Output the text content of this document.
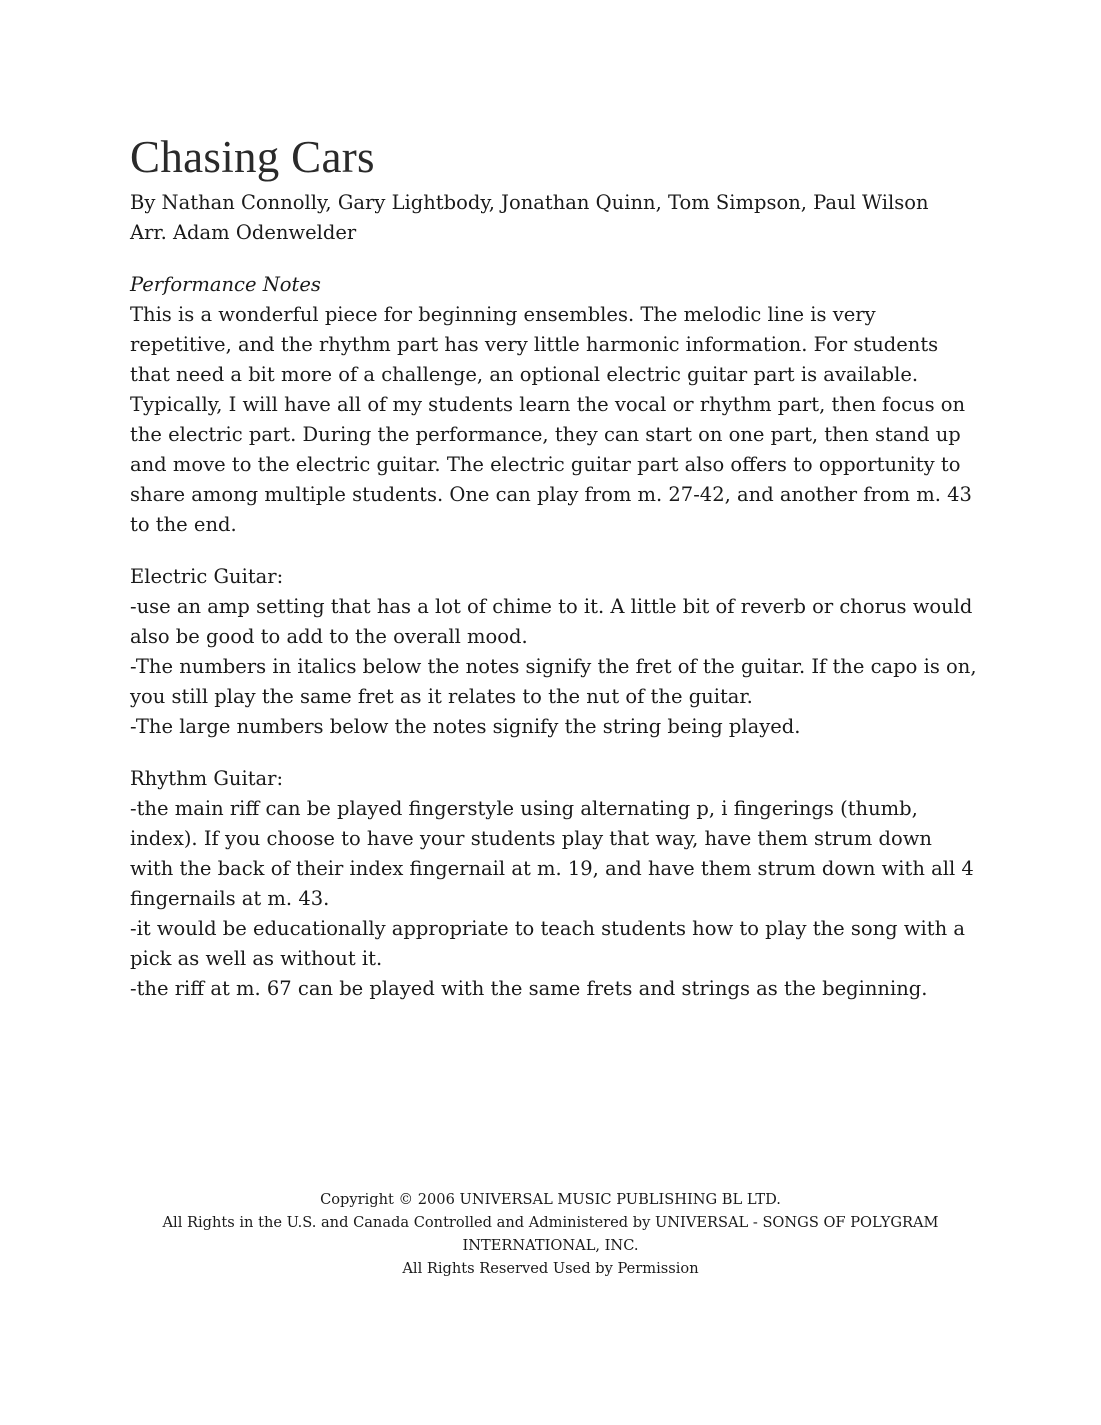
Chasing Cars
By Nathan Connolly, Gary Lightbody, Jonathan Quinn, Tom Simpson, Paul Wilson
Arr. Adam Odenwelder
Performance Notes

This is a wonderful piece for beginning ensembles. The melodic line is very repetitive, and the rhythm part has very little harmonic information. For students that need a bit more of a challenge, an optional electric guitar part is available. Typically, I will have all of my students learn the vocal or rhythm part, then focus on the electric part. During the performance, they can start on one part, then stand up and move to the electric guitar. The electric guitar part also offers to opportunity to share among multiple students. One can play from m. 27-42, and another from m. 43 to the end.

Electric Guitar:

-use an amp setting that has a lot of chime to it. A little bit of reverb or chorus would also be good to add to the overall mood.

-The numbers in italics below the notes signify the fret of the guitar. If the capo is on, you still play the same fret as it relates to the nut of the guitar.

-The large numbers below the notes signify the string being played.

Rhythm Guitar:

-the main riff can be played fingerstyle using alternating p, i fingerings (thumb, index). If you choose to have your students play that way, have them strum down with the back of their index fingernail at m. 19, and have them strum down with all 4 fingernails at m. 43.

-it would be educationally appropriate to teach students how to play the song with a pick as well as without it.

-the riff at m. 67 can be played with the same frets and strings as the beginning.

Copyright © 2006 UNIVERSAL MUSIC PUBLISHING BL LTD.
All Rights in the U.S. and Canada Controlled and Administered by UNIVERSAL - SONGS OF POLYGRAM
INTERNATIONAL, INC.
All Rights Reserved Used by Permission
